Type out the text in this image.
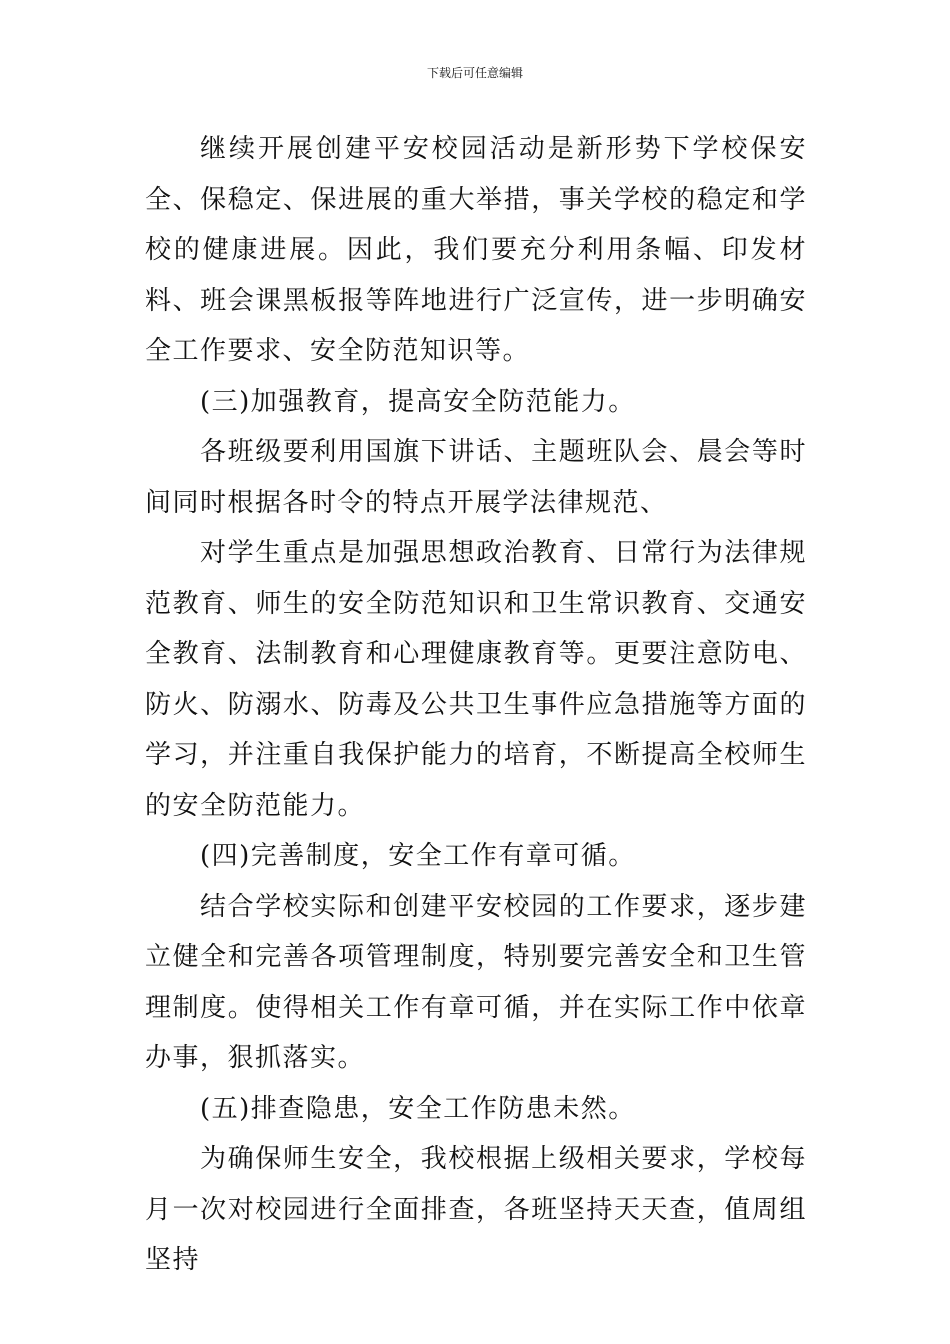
下载后可任意编辑

继续开展创建平安校园活动是新形势下学校保安全、保稳定、保进展的重大举措，事关学校的稳定和学校的健康进展。因此，我们要充分利用条幅、印发材料、班会课黑板报等阵地进行广泛宣传，进一步明确安全工作要求、安全防范知识等。

(三)加强教育，提高安全防范能力。

各班级要利用国旗下讲话、主题班队会、晨会等时间同时根据各时令的特点开展学法律规范、

对学生重点是加强思想政治教育、日常行为法律规范教育、师生的安全防范知识和卫生常识教育、交通安全教育、法制教育和心理健康教育等。更要注意防电、防火、防溺水、防毒及公共卫生事件应急措施等方面的学习，并注重自我保护能力的培育，不断提高全校师生的安全防范能力。

(四)完善制度，安全工作有章可循。

结合学校实际和创建平安校园的工作要求，逐步建立健全和完善各项管理制度，特别要完善安全和卫生管理制度。使得相关工作有章可循，并在实际工作中依章办事，狠抓落实。

(五)排查隐患，安全工作防患未然。

为确保师生安全，我校根据上级相关要求，学校每月一次对校园进行全面排查，各班坚持天天查，值周组坚持
